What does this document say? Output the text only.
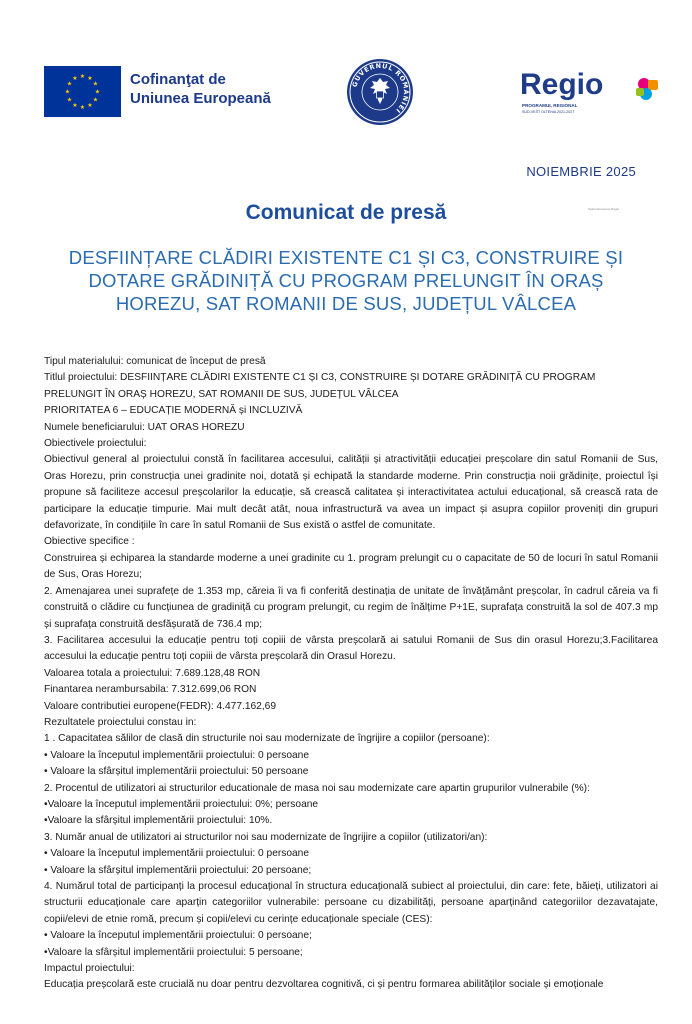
★ ★
★
★
★
★
★
★
★
★
★
★	Cofinanţat de
Uniunea Europeană
GUVERNUL ROMÂNIEI
Regio
PROGRAMUL REGIONAL
SUD-VEST OLTENIA 2021-2027
NOIEMBRIE 2025
Comunicat de presă	Spatiu Europene Regio
DESFIINȚARE CLĂDIRI EXISTENTE C1 ȘI C3, CONSTRUIRE ȘI
DOTARE GRĂDINIȚĂ CU PROGRAM PRELUNGIT ÎN ORAȘ
HOREZU, SAT ROMANII DE SUS, JUDEȚUL VÂLCEA

Tipul materialului: comunicat de început de presă

Titlul proiectului: DESFIINȚARE CLĂDIRI EXISTENTE C1 ȘI C3, CONSTRUIRE ȘI DOTARE GRĂDINIȚĂ CU PROGRAM

PRELUNGIT ÎN ORAȘ HOREZU, SAT ROMANII DE SUS, JUDEȚUL VÂLCEA

PRIORITATEA 6 – EDUCAȚIE MODERNĂ și INCLUZIVĂ

Numele beneficiarului: UAT ORAS HOREZU

Obiectivele proiectului:

Obiectivul general al proiectului constă în facilitarea accesului, calității și atractivității educației preșcolare din satul Romanii de Sus, Oras Horezu, prin construcția unei gradinite noi, dotată și echipată la standarde moderne. Prin construcția noii grădinițe, proiectul își propune să faciliteze accesul preșcolarilor la educație, să crească calitatea și interactivitatea actului educațional, să crească rata de participare la educație timpurie. Mai mult decât atât, noua infrastructură va avea un impact și asupra copiilor proveniți din grupuri defavorizate, în condițiile în care în satul Romanii de Sus există o astfel de comunitate.

Obiective specifice :

Construirea și echiparea la standarde moderne a unei gradinite cu 1. program prelungit cu o capacitate de 50 de locuri în satul Romanii de Sus, Oras Horezu;

2. Amenajarea unei suprafețe de 1.353 mp, căreia îi va fi conferită destinația de unitate de învățământ preșcolar, în cadrul căreia va fi construită o clădire cu funcțiunea de gradiniță cu program prelungit, cu regim de înălțime P+1E, suprafața construită la sol de 407.3 mp și suprafața construită desfășurată de 736.4 mp;

3. Facilitarea accesului la educație pentru toți copiii de vârsta preșcolară ai satului Romanii de Sus din orasul Horezu;3.Facilitarea accesului la educație pentru toți copiii de vârsta preșcolară din Orasul Horezu.

Valoarea totala a proiectului: 7.689.128,48 RON

Finantarea nerambursabila: 7.312.699,06 RON

Valoare contributiei europene(FEDR): 4.477.162,69

Rezultatele proiectului constau in:

1 . Capacitatea sălilor de clasă din structurile noi sau modernizate de îngrijire a copiilor (persoane):

• Valoare la începutul implementării proiectului: 0 persoane

• Valoare la sfârșitul implementării proiectului: 50 persoane

2. Procentul de utilizatori ai structurilor educationale de masa noi sau modernizate care apartin grupurilor vulnerabile (%):

•Valoare la începutul implementării proiectului: 0%; persoane

•Valoare la sfârșitul implementării proiectului: 10%.

3. Număr anual de utilizatori ai structurilor noi sau modernizate de îngrijire a copiilor (utilizatori/an):

• Valoare la începutul implementării proiectului: 0 persoane

• Valoare la sfârșitul implementării proiectului: 20 persoane;

4. Numărul total de participanți la procesul educațional în structura educațională subiect al proiectului, din care: fete, băieți, utilizatori ai structurii educaționale care aparțin categoriilor vulnerabile: persoane cu dizabilități, persoane aparținând categoriilor dezavatajate, copii/elevi de etnie romă, precum și copii/elevi cu cerințe educaționale speciale (CES):

• Valoare la începutul implementării proiectului: 0 persoane;

•Valoare la sfârșitul implementării proiectului: 5 persoane;

Impactul proiectului:

Educația preșcolară este crucială nu doar pentru dezvoltarea cognitivă, ci și pentru formarea abilităților sociale și emoționale
